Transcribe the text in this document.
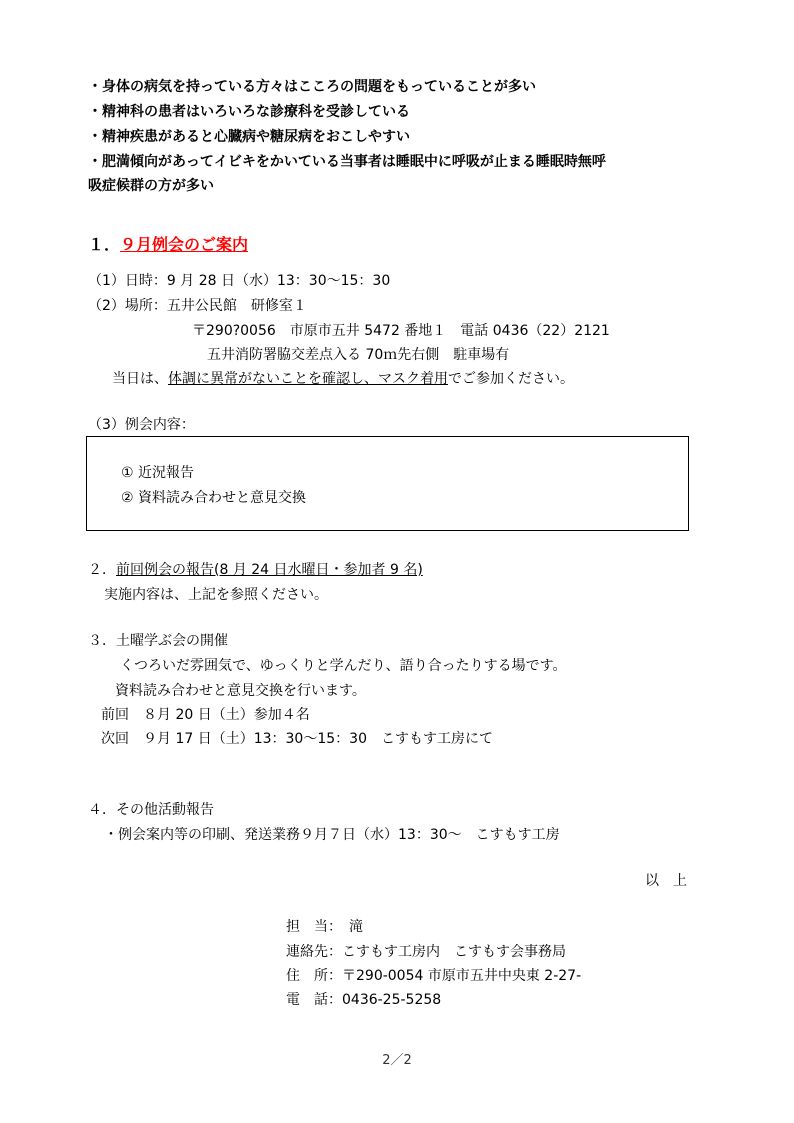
・身体の病気を持っている方々はこころの問題をもっていることが多い
・精神科の患者はいろいろな診療科を受診している
・精神疾患があると心臓病や糖尿病をおこしやすい
・肥満傾向があってイビキをかいている当事者は睡眠中に呼吸が止まる睡眠時無呼
吸症候群の方が多い
１．９月例会のご案内
（1）日時：9 月 28 日（水）13：30〜15：30
（2）場所：五井公民館　研修室１
〒290?0056　市原市五井 5472 番地１　電話 0436（22）2121
五井消防署脇交差点入る 70ｍ先右側　駐車場有
当日は、体調に異常がないことを確認し、マスク着用でご参加ください。
（3）例会内容：
① 近況報告
② 資料読み合わせと意見交換
２．前回例会の報告(8 月 24 日水曜日・参加者 9 名)
実施内容は、上記を参照ください。
３．土曜学ぶ会の開催
くつろいだ雰囲気で、ゆっくりと学んだり、語り合ったりする場です。
資料読み合わせと意見交換を行います。
前回　８月 20 日（土）参加４名
次回　９月 17 日（土）13：30〜15：30　こすもす工房にて
４．その他活動報告
・例会案内等の印刷、発送業務９月７日（水）13：30〜　こすもす工房
以　上
担　当：　滝
連絡先：こすもす工房内　こすもす会事務局
住　所：〒290-0054 市原市五井中央東 2-27-
電　話：0436-25-5258
2／2
